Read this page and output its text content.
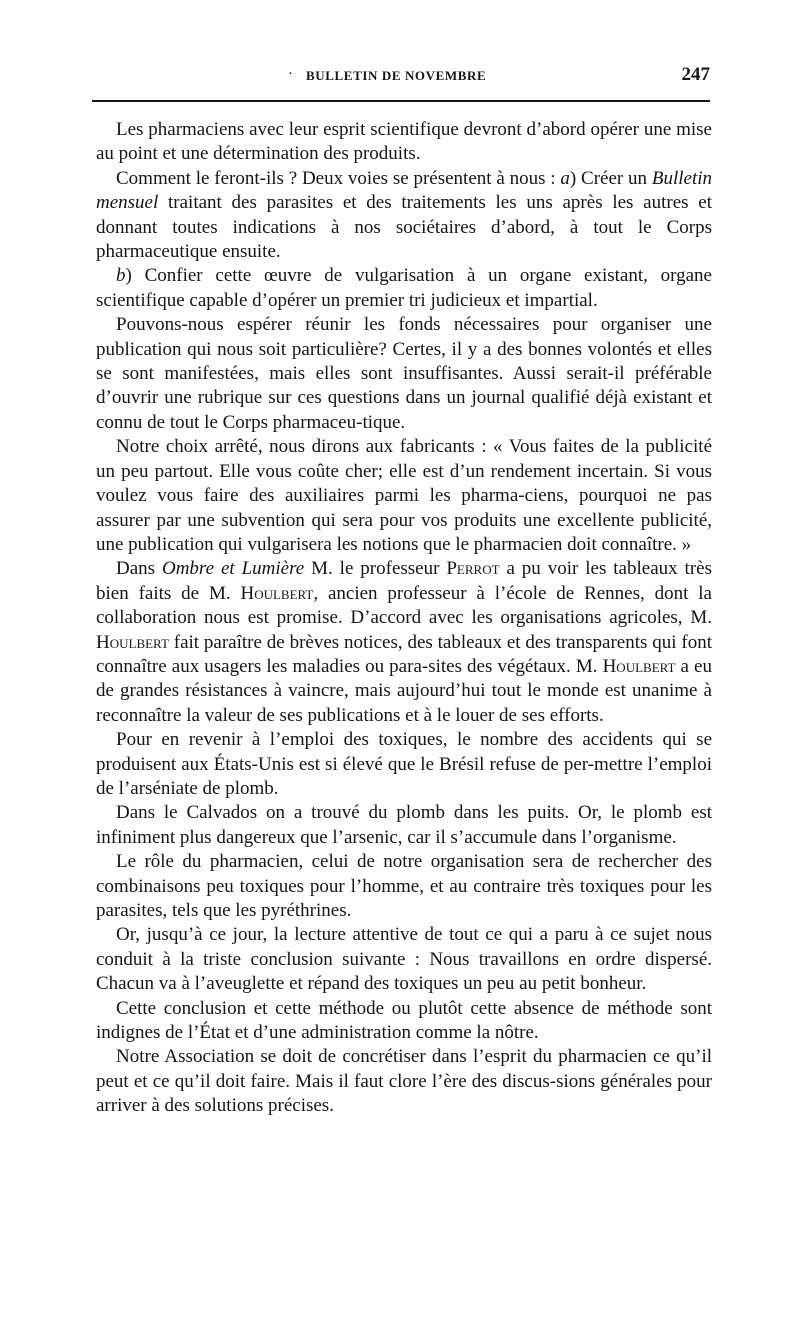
· BULLETIN DE NOVEMBRE	247

Les pharmaciens avec leur esprit scientifique devront d’abord opérer une mise au point et une détermination des produits.

Comment le feront-ils ? Deux voies se présentent à nous : a) Créer un Bulletin mensuel traitant des parasites et des traitements les uns après les autres et donnant toutes indications à nos sociétaires d’abord, à tout le Corps pharmaceutique ensuite.

b) Confier cette œuvre de vulgarisation à un organe existant, organe scientifique capable d’opérer un premier tri judicieux et impartial.

Pouvons-nous espérer réunir les fonds nécessaires pour organiser une publication qui nous soit particulière? Certes, il y a des bonnes volontés et elles se sont manifestées, mais elles sont insuffisantes. Aussi serait-il préférable d’ouvrir une rubrique sur ces questions dans un journal qualifié déjà existant et connu de tout le Corps pharmaceu-tique.

Notre choix arrêté, nous dirons aux fabricants : « Vous faites de la publicité un peu partout. Elle vous coûte cher; elle est d’un rendement incertain. Si vous voulez vous faire des auxiliaires parmi les pharma-ciens, pourquoi ne pas assurer par une subvention qui sera pour vos produits une excellente publicité, une publication qui vulgarisera les notions que le pharmacien doit connaître. »

Dans Ombre et Lumière M. le professeur Perrot a pu voir les tableaux très bien faits de M. Houlbert, ancien professeur à l’école de Rennes, dont la collaboration nous est promise. D’accord avec les organisations agricoles, M. Houlbert fait paraître de brèves notices, des tableaux et des transparents qui font connaître aux usagers les maladies ou para-sites des végétaux. M. Houlbert a eu de grandes résistances à vaincre, mais aujourd’hui tout le monde est unanime à reconnaître la valeur de ses publications et à le louer de ses efforts.

Pour en revenir à l’emploi des toxiques, le nombre des accidents qui se produisent aux États-Unis est si élevé que le Brésil refuse de per-mettre l’emploi de l’arséniate de plomb.

Dans le Calvados on a trouvé du plomb dans les puits. Or, le plomb est infiniment plus dangereux que l’arsenic, car il s’accumule dans l’organisme.

Le rôle du pharmacien, celui de notre organisation sera de rechercher des combinaisons peu toxiques pour l’homme, et au contraire très toxiques pour les parasites, tels que les pyréthrines.

Or, jusqu’à ce jour, la lecture attentive de tout ce qui a paru à ce sujet nous conduit à la triste conclusion suivante : Nous travaillons en ordre dispersé. Chacun va à l’aveuglette et répand des toxiques un peu au petit bonheur.

Cette conclusion et cette méthode ou plutôt cette absence de méthode sont indignes de l’État et d’une administration comme la nôtre.

Notre Association se doit de concrétiser dans l’esprit du pharmacien ce qu’il peut et ce qu’il doit faire. Mais il faut clore l’ère des discus-sions générales pour arriver à des solutions précises.
